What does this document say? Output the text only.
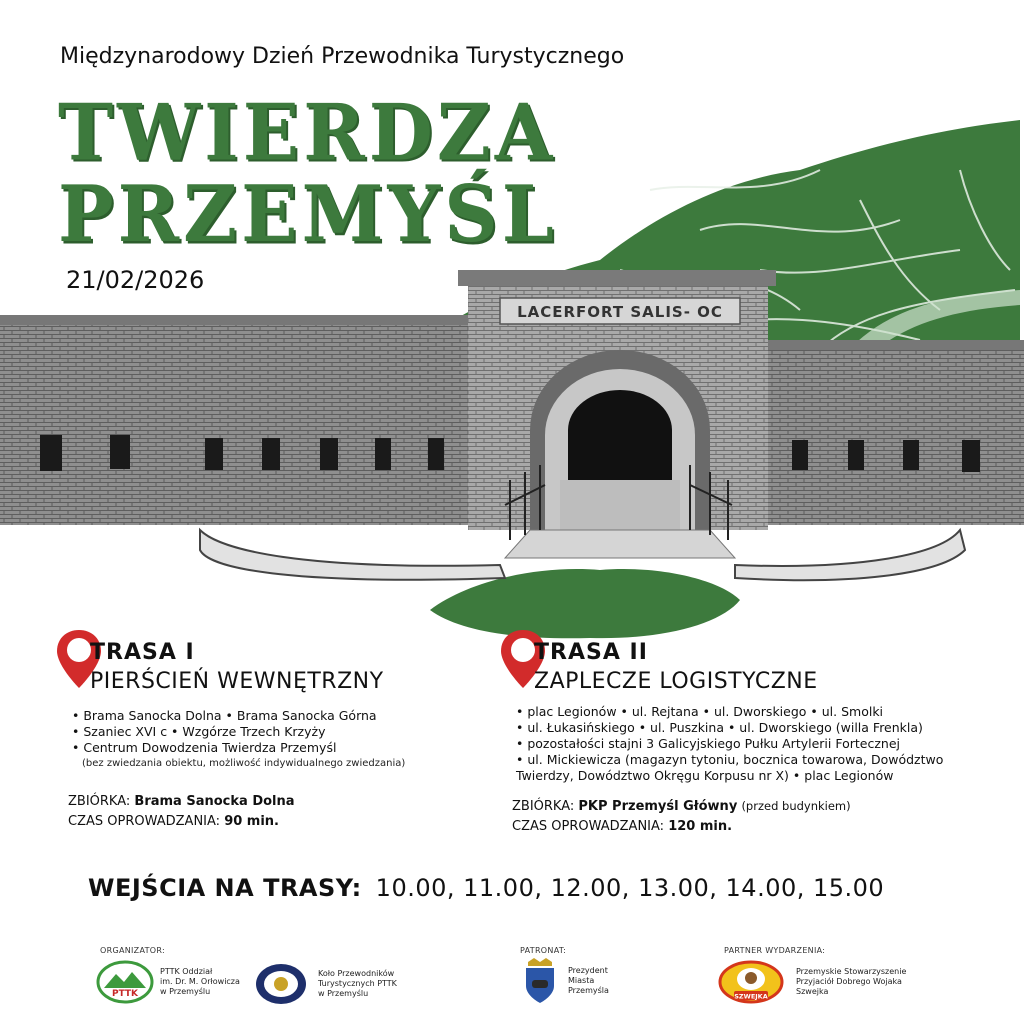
Międzynarodowy Dzień Przewodnika Turystycznego
TWIERDZA
PRZEMYŚL
21/02/2026
LACERFORT SALIS- OC
TRASA I
PIERŚCIEŃ WEWNĘTRZNY
• Brama Sanocka Dolna • Brama Sanocka Górna
• Szaniec XVI c • Wzgórze Trzech Krzyży
• Centrum Dowodzenia Twierdza Przemyśl
(bez zwiedzania obiektu, możliwość indywidualnego zwiedzania)
ZBIÓRKA: Brama Sanocka Dolna
CZAS OPROWADZANIA: 90 min.
TRASA II
ZAPLECZE LOGISTYCZNE
• plac Legionów • ul. Rejtana • ul. Dworskiego • ul. Smolki
• ul. Łukasińskiego • ul. Puszkina • ul. Dworskiego (willa Frenkla)
• pozostałości stajni 3 Galicyjskiego Pułku Artylerii Fortecznej
• ul. Mickiewicza (magazyn tytoniu, bocznica towarowa, Dowództwo
Twierdzy, Dowództwo Okręgu Korpusu nr X) • plac Legionów
ZBIÓRKA: PKP Przemyśl Główny (przed budynkiem)
CZAS OPROWADZANIA: 120 min.
WEJŚCIA NA TRASY: 10.00, 11.00, 12.00, 13.00, 14.00, 15.00
ORGANIZATOR:
PTTK
PTTK Oddział
im. Dr. M. Orłowicza
w Przemyślu
Koło Przewodników
Turystycznych PTTK
w Przemyślu
PATRONAT:
Prezydent
Miasta
Przemyśla
PARTNER WYDARZENIA:
SZWEJKA
Przemyskie Stowarzyszenie
Przyjaciół Dobrego Wojaka
Szwejka
